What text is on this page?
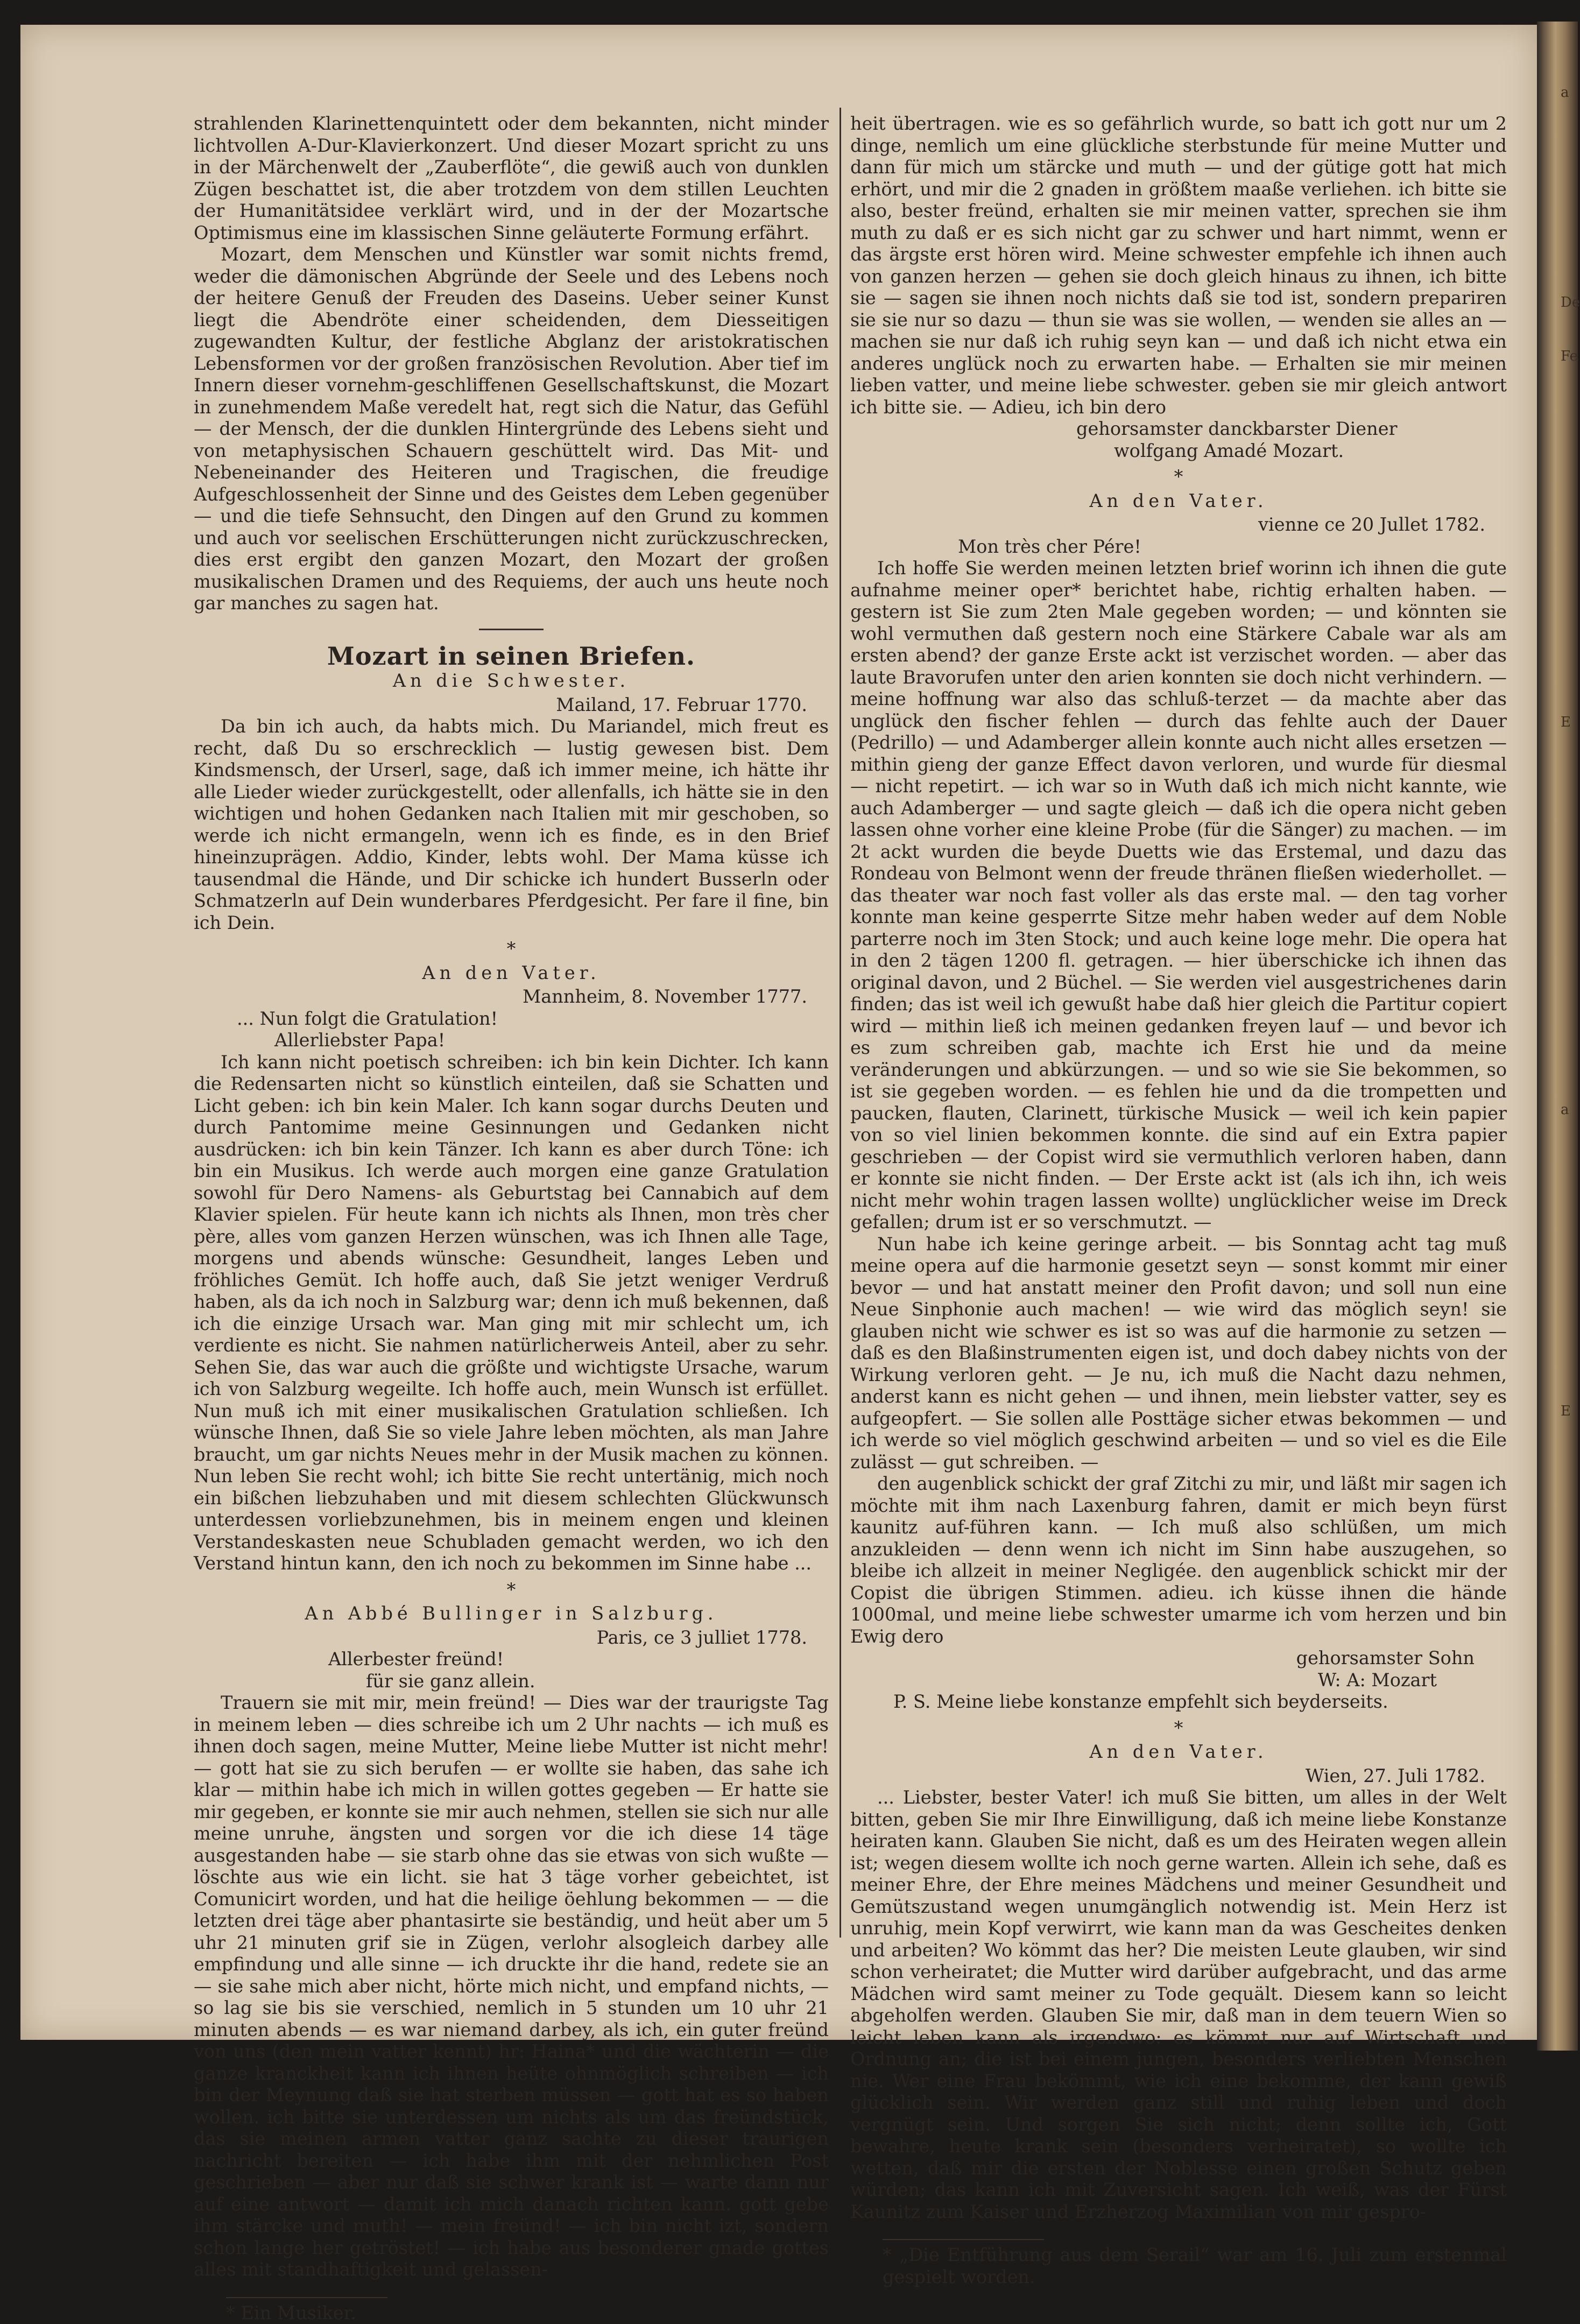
a
De
Fe
E
a
E

strahlenden Klarinettenquintett oder dem bekannten, nicht minder lichtvollen A-Dur-Klavierkonzert. Und dieser Mozart spricht zu uns in der Märchenwelt der „Zauberflöte“, die gewiß auch von dunklen Zügen beschattet ist, die aber trotzdem von dem stillen Leuchten der Humanitätsidee verklärt wird, und in der der Mozartsche Optimismus eine im klassischen Sinne geläuterte Formung erfährt.

Mozart, dem Menschen und Künstler war somit nichts fremd, weder die dämonischen Abgründe der Seele und des Lebens noch der heitere Genuß der Freuden des Daseins. Ueber seiner Kunst liegt die Abendröte einer scheidenden, dem Diesseitigen zugewandten Kultur, der festliche Abglanz der aristokratischen Lebensformen vor der großen französischen Revolution. Aber tief im Innern dieser vornehm-geschliffenen Gesellschaftskunst, die Mozart in zunehmendem Maße veredelt hat, regt sich die Natur, das Gefühl — der Mensch, der die dunklen Hintergründe des Lebens sieht und von metaphysischen Schauern geschüttelt wird. Das Mit- und Nebeneinander des Heiteren und Tragischen, die freudige Aufgeschlossenheit der Sinne und des Geistes dem Leben gegenüber — und die tiefe Sehnsucht, den Dingen auf den Grund zu kommen und auch vor seelischen Erschütterungen nicht zurückzuschrecken, dies erst ergibt den ganzen Mozart, den Mozart der großen musikalischen Dramen und des Requiems, der auch uns heute noch gar manches zu sagen hat.

Mozart in seinen Briefen.
An die Schwester.
Mailand, 17. Februar 1770.

Da bin ich auch, da habts mich. Du Mariandel, mich freut es recht, daß Du so erschrecklich — lustig gewesen bist. Dem Kindsmensch, der Urserl, sage, daß ich immer meine, ich hätte ihr alle Lieder wieder zurückgestellt, oder allenfalls, ich hätte sie in den wichtigen und hohen Gedanken nach Italien mit mir geschoben, so werde ich nicht ermangeln, wenn ich es finde, es in den Brief hineinzuprägen. Addio, Kinder, lebts wohl. Der Mama küsse ich tausendmal die Hände, und Dir schicke ich hundert Busserln oder Schmatzerln auf Dein wunderbares Pferdgesicht. Per fare il fine, bin ich Dein.

*
An den Vater.
Mannheim, 8. November 1777.
... Nun folgt die Gratulation!
Allerliebster Papa!

Ich kann nicht poetisch schreiben: ich bin kein Dichter. Ich kann die Redensarten nicht so künstlich einteilen, daß sie Schatten und Licht geben: ich bin kein Maler. Ich kann sogar durchs Deuten und durch Pantomime meine Gesinnungen und Gedanken nicht ausdrücken: ich bin kein Tänzer. Ich kann es aber durch Töne: ich bin ein Musikus. Ich werde auch morgen eine ganze Gratulation sowohl für Dero Namens- als Geburtstag bei Cannabich auf dem Klavier spielen. Für heute kann ich nichts als Ihnen, mon très cher père, alles vom ganzen Herzen wünschen, was ich Ihnen alle Tage, morgens und abends wünsche: Gesundheit, langes Leben und fröhliches Gemüt. Ich hoffe auch, daß Sie jetzt weniger Verdruß haben, als da ich noch in Salzburg war; denn ich muß bekennen, daß ich die einzige Ursach war. Man ging mit mir schlecht um, ich verdiente es nicht. Sie nahmen natürlicherweis Anteil, aber zu sehr. Sehen Sie, das war auch die größte und wichtigste Ursache, warum ich von Salzburg wegeilte. Ich hoffe auch, mein Wunsch ist erfüllet. Nun muß ich mit einer musikalischen Gratulation schließen. Ich wünsche Ihnen, daß Sie so viele Jahre leben möchten, als man Jahre braucht, um gar nichts Neues mehr in der Musik machen zu können. Nun leben Sie recht wohl; ich bitte Sie recht untertänig, mich noch ein bißchen liebzuhaben und mit diesem schlechten Glückwunsch unterdessen vorliebzunehmen, bis in meinem engen und kleinen Verstandeskasten neue Schubladen gemacht werden, wo ich den Verstand hintun kann, den ich noch zu bekommen im Sinne habe ...

*
An Abbé Bullinger in Salzburg.
Paris, ce 3 julliet 1778.
Allerbester freünd!
für sie ganz allein.

Trauern sie mit mir, mein freünd! — Dies war der traurigste Tag in meinem leben — dies schreibe ich um 2 Uhr nachts — ich muß es ihnen doch sagen, meine Mutter, Meine liebe Mutter ist nicht mehr! — gott hat sie zu sich berufen — er wollte sie haben, das sahe ich klar — mithin habe ich mich in willen gottes gegeben — Er hatte sie mir gegeben, er konnte sie mir auch nehmen, stellen sie sich nur alle meine unruhe, ängsten und sorgen vor die ich diese 14 täge ausgestanden habe — sie starb ohne das sie etwas von sich wußte — löschte aus wie ein licht. sie hat 3 täge vorher gebeichtet, ist Comunicirt worden, und hat die heilige öehlung bekommen — — die letzten drei täge aber phantasirte sie beständig, und heüt aber um 5 uhr 21 minuten grif sie in Zügen, verlohr alsogleich darbey alle empfindung und alle sinne — ich druckte ihr die hand, redete sie an — sie sahe mich aber nicht, hörte mich nicht, und empfand nichts, — so lag sie bis sie verschied, nemlich in 5 stunden um 10 uhr 21 minuten abends — es war niemand darbey, als ich, ein guter freünd von uns (den mein vatter kennt) hr: Haina* und die wächterin — die ganze kranckheit kann ich ihnen heüte ohnmöglich schreiben — ich bin der Meynung daß sie hat sterben müssen — gott hat es so haben wollen. ich bitte sie unterdessen um nichts als um das freündstück, das sie meinen armen vatter ganz sachte zu dieser traurigen nachricht bereiten — ich habe ihm mit der nehmlichen Post geschrieben — aber nur daß sie schwer krank ist — warte dann nur auf eine antwort — damit ich mich danach richten kann. gott gebe ihm stärcke und muth! — mein freünd! — ich bin nicht izt, sondern schon lange her getröstet! — ich habe aus besonderer gnade gottes alles mit standhaftigkeit und gelassen-

* Ein Musiker.

heit übertragen. wie es so gefährlich wurde, so batt ich gott nur um 2 dinge, nemlich um eine glückliche sterbstunde für meine Mutter und dann für mich um stärcke und muth — und der gütige gott hat mich erhört, und mir die 2 gnaden in größtem maaße verliehen. ich bitte sie also, bester freünd, erhalten sie mir meinen vatter, sprechen sie ihm muth zu daß er es sich nicht gar zu schwer und hart nimmt, wenn er das ärgste erst hören wird. Meine schwester empfehle ich ihnen auch von ganzen herzen — gehen sie doch gleich hinaus zu ihnen, ich bitte sie — sagen sie ihnen noch nichts daß sie tod ist, sondern prepariren sie sie nur so dazu — thun sie was sie wollen, — wenden sie alles an — machen sie nur daß ich ruhig seyn kan — und daß ich nicht etwa ein anderes unglück noch zu erwarten habe. — Erhalten sie mir meinen lieben vatter, und meine liebe schwester. geben sie mir gleich antwort ich bitte sie. — Adieu, ich bin dero

gehorsamster danckbarster Diener
wolfgang Amadé Mozart.
*
An den Vater.
vienne ce 20 Jullet 1782.
Mon très cher Pére!

Ich hoffe Sie werden meinen letzten brief worinn ich ihnen die gute aufnahme meiner oper* berichtet habe, richtig erhalten haben. — gestern ist Sie zum 2ten Male gegeben worden; — und könnten sie wohl vermuthen daß gestern noch eine Stärkere Cabale war als am ersten abend? der ganze Erste ackt ist verzischet worden. — aber das laute Bravorufen unter den arien konnten sie doch nicht verhindern. — meine hoffnung war also das schluß-terzet — da machte aber das unglück den fischer fehlen — durch das fehlte auch der Dauer (Pedrillo) — und Adamberger allein konnte auch nicht alles ersetzen — mithin gieng der ganze Effect davon verloren, und wurde für diesmal — nicht repetirt. — ich war so in Wuth daß ich mich nicht kannte, wie auch Adamberger — und sagte gleich — daß ich die opera nicht geben lassen ohne vorher eine kleine Probe (für die Sänger) zu machen. — im 2t ackt wurden die beyde Duetts wie das Erstemal, und dazu das Rondeau von Belmont wenn der freude thränen fließen wiederhollet. — das theater war noch fast voller als das erste mal. — den tag vorher konnte man keine gesperrte Sitze mehr haben weder auf dem Noble parterre noch im 3ten Stock; und auch keine loge mehr. Die opera hat in den 2 tägen 1200 fl. getragen. — hier überschicke ich ihnen das original davon, und 2 Büchel. — Sie werden viel ausgestrichenes darin finden; das ist weil ich gewußt habe daß hier gleich die Partitur copiert wird — mithin ließ ich meinen gedanken freyen lauf — und bevor ich es zum schreiben gab, machte ich Erst hie und da meine veränderungen und abkürzungen. — und so wie sie Sie bekommen, so ist sie gegeben worden. — es fehlen hie und da die trompetten und paucken, flauten, Clarinett, türkische Musick — weil ich kein papier von so viel linien bekommen konnte. die sind auf ein Extra papier geschrieben — der Copist wird sie vermuthlich verloren haben, dann er konnte sie nicht finden. — Der Erste ackt ist (als ich ihn, ich weis nicht mehr wohin tragen lassen wollte) unglücklicher weise im Dreck gefallen; drum ist er so verschmutzt. —

Nun habe ich keine geringe arbeit. — bis Sonntag acht tag muß meine opera auf die harmonie gesetzt seyn — sonst kommt mir einer bevor — und hat anstatt meiner den Profit davon; und soll nun eine Neue Sinphonie auch machen! — wie wird das möglich seyn! sie glauben nicht wie schwer es ist so was auf die harmonie zu setzen — daß es den Blaßinstrumenten eigen ist, und doch dabey nichts von der Wirkung verloren geht. — Je nu, ich muß die Nacht dazu nehmen, anderst kann es nicht gehen — und ihnen, mein liebster vatter, sey es aufgeopfert. — Sie sollen alle Posttäge sicher etwas bekommen — und ich werde so viel möglich geschwind arbeiten — und so viel es die Eile zulässt — gut schreiben. —

den augenblick schickt der graf Zitchi zu mir, und läßt mir sagen ich möchte mit ihm nach Laxenburg fahren, damit er mich beyn fürst kaunitz auf-führen kann. — Ich muß also schlüßen, um mich anzukleiden — denn wenn ich nicht im Sinn habe auszugehen, so bleibe ich allzeit in meiner Negligée. den augenblick schickt mir der Copist die übrigen Stimmen. adieu. ich küsse ihnen die hände 1000mal, und meine liebe schwester umarme ich vom herzen und bin Ewig dero

gehorsamster Sohn
W: A: Mozart
P. S. Meine liebe konstanze empfehlt sich beyderseits.
*
An den Vater.
Wien, 27. Juli 1782.

... Liebster, bester Vater! ich muß Sie bitten, um alles in der Welt bitten, geben Sie mir Ihre Einwilligung, daß ich meine liebe Konstanze heiraten kann. Glauben Sie nicht, daß es um des Heiraten wegen allein ist; wegen diesem wollte ich noch gerne warten. Allein ich sehe, daß es meiner Ehre, der Ehre meines Mädchens und meiner Gesundheit und Gemütszustand wegen unumgänglich notwendig ist. Mein Herz ist unruhig, mein Kopf verwirrt, wie kann man da was Gescheites denken und arbeiten? Wo kömmt das her? Die meisten Leute glauben, wir sind schon verheiratet; die Mutter wird darüber aufgebracht, und das arme Mädchen wird samt meiner zu Tode gequält. Diesem kann so leicht abgeholfen werden. Glauben Sie mir, daß man in dem teuern Wien so leicht leben kann als irgendwo: es kömmt nur auf Wirtschaft und Ordnung an; die ist bei einem jungen, besonders verliebten Menschen nie. Wer eine Frau bekömmt, wie ich eine bekomme, der kann gewiß glücklich sein. Wir werden ganz still und ruhig leben und doch vergnügt sein. Und sorgen Sie sich nicht; denn sollte ich, Gott bewahre, heute krank sein (besonders verheiratet), so wollte ich wetten, daß mir die ersten der Noblesse einen großen Schutz geben würden; das kann ich mit Zuversicht sagen. Ich weiß, was der Fürst Kaunitz zum Kaiser und Erzherzog Maximilian von mir gespro-

* „Die Entführung aus dem Serail“ war am 16. Juli zum erstenmal gespielt worden.
